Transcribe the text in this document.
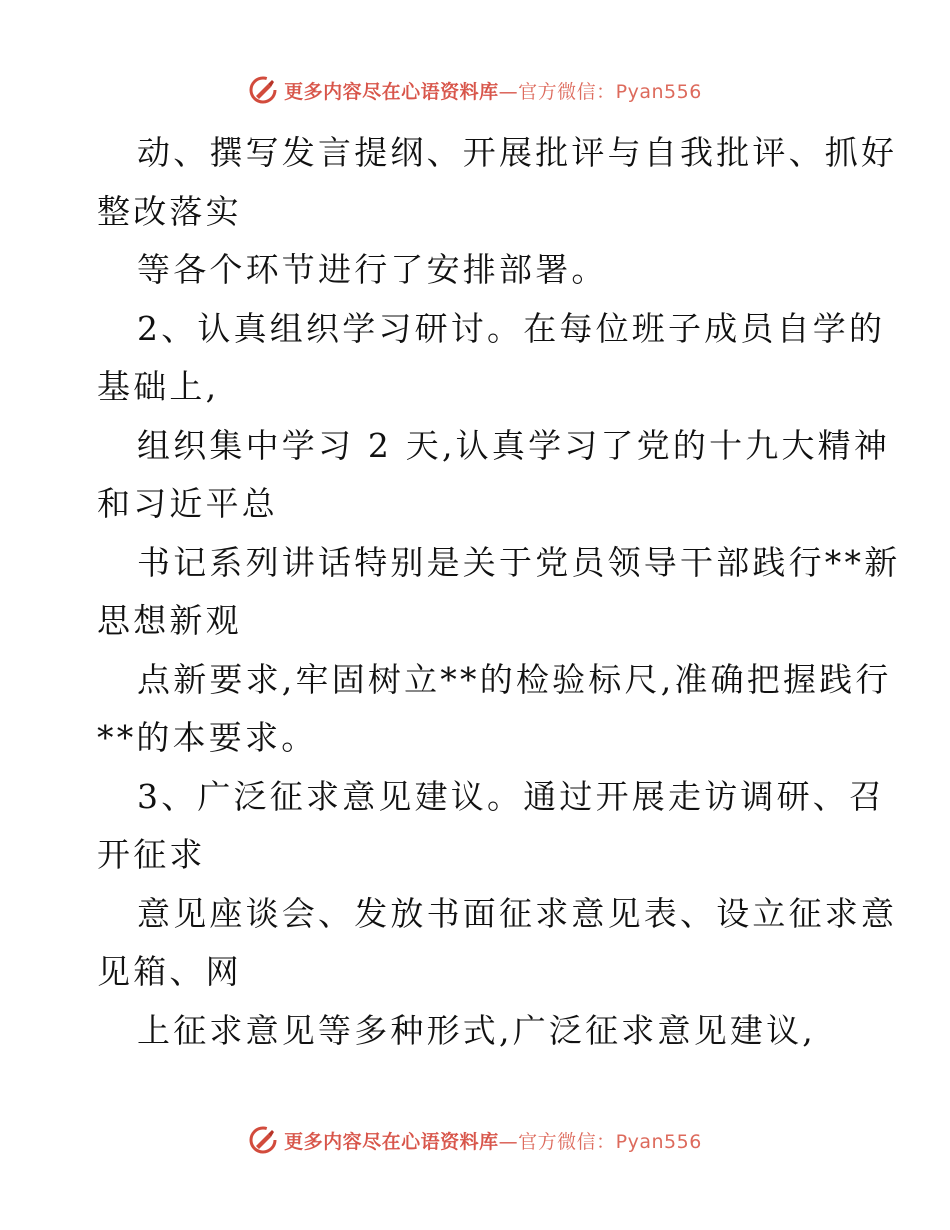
更多内容尽在心语资料库—官方微信：Pyan556
动、撰写发言提纲、开展批评与自我批评、抓好
整改落实
等各个环节进行了安排部署。
2、认真组织学习研讨。在每位班子成员自学的
基础上,
组织集中学习 2 天,认真学习了党的十九大精神
和习近平总
书记系列讲话特别是关于党员领导干部践行**新
思想新观
点新要求,牢固树立**的检验标尺,准确把握践行
**的本要求。
3、广泛征求意见建议。通过开展走访调研、召
开征求
意见座谈会、发放书面征求意见表、设立征求意
见箱、网
上征求意见等多种形式,广泛征求意见建议,
更多内容尽在心语资料库—官方微信：Pyan556
